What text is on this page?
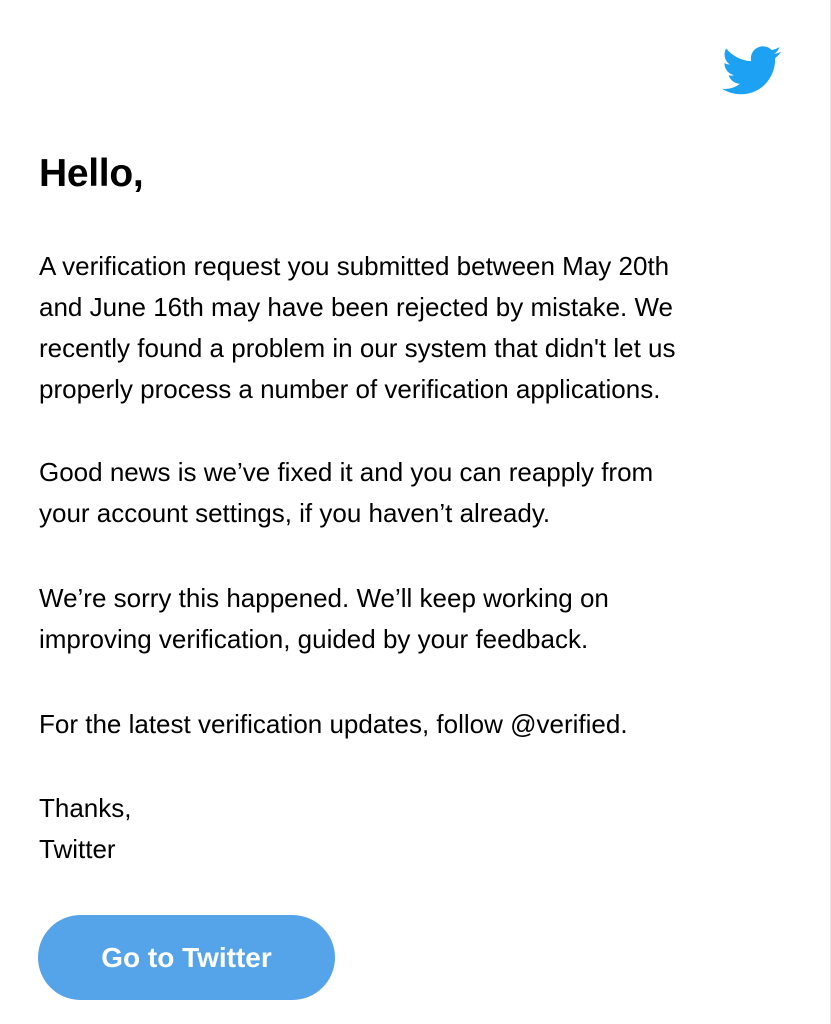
Hello,

A verification request you submitted between May 20th
and June 16th may have been rejected by mistake. We
recently found a problem in our system that didn't let us
properly process a number of verification applications.

Good news is we’ve fixed it and you can reapply from
your account settings, if you haven’t already.

We’re sorry this happened. We’ll keep working on
improving verification, guided by your feedback.

For the latest verification updates, follow @verified.

Thanks,
Twitter

Go to Twitter
